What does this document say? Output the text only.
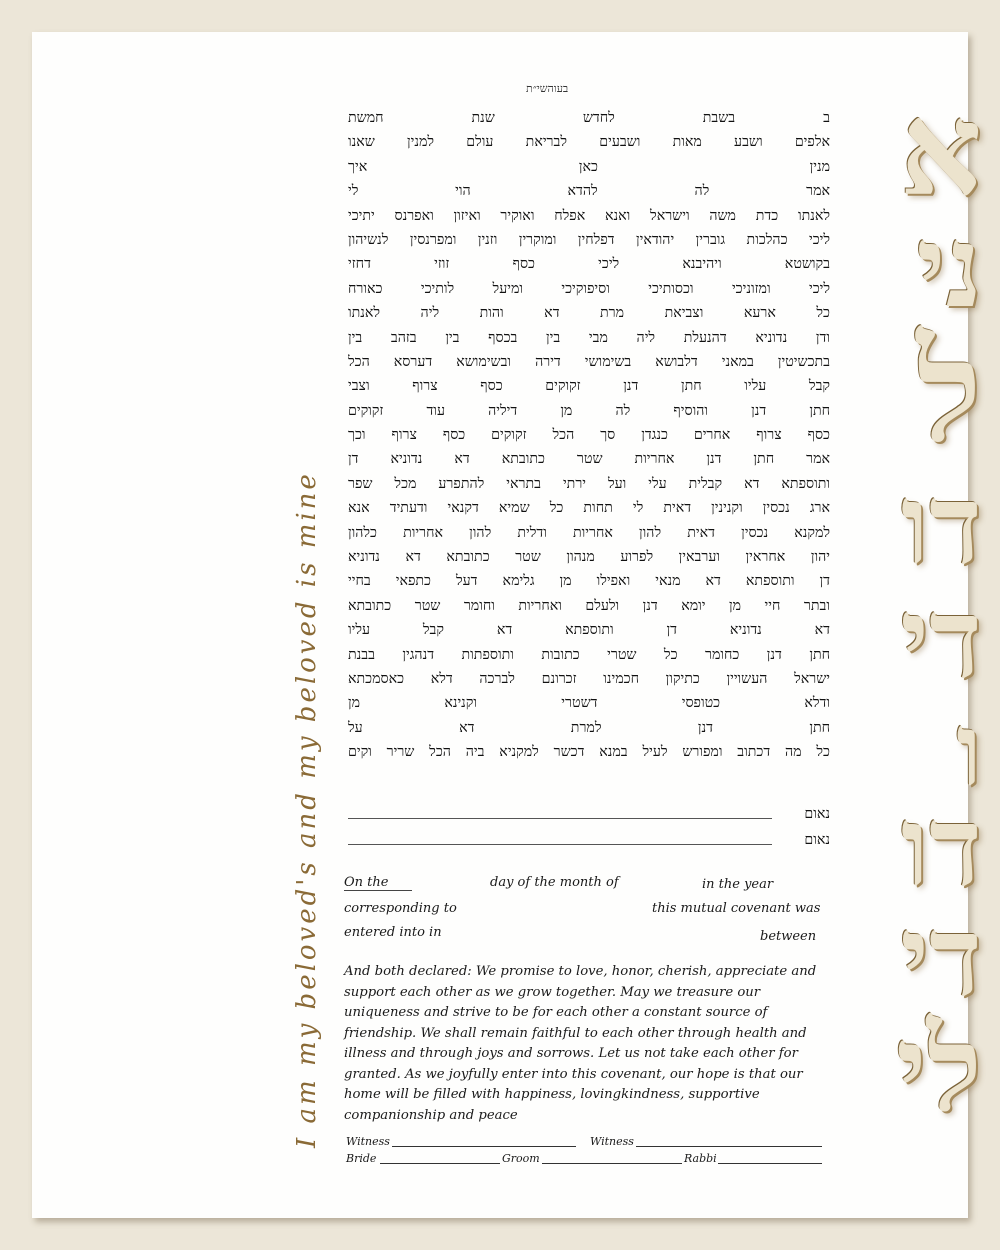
א
ני
ל
דו
די
ו
דו
די
לי
I am my beloved's and my beloved is mine
בעוהשי״ת
ב בשבת לחדש שנת חמשת
אלפים ושבע מאות ושבעים לבריאת עולם למנין שאנו
מנין כאן איך
אמר לה להדא הוי לי
לאנתו כדת משה וישראל ואנא אפלח ואוקיר ואיזון ואפרנס יתיכי
ליכי כהלכות גוברין יהודאין דפלחין ומוקרין וזנין ומפרנסין לנשיהון
בקושטא ויהיבנא ליכי כסף זוזי דחזי
ליכי ומזוניכי וכסותיכי וסיפוקיכי ומיעל לותיכי כאורח
כל ארעא וצביאת מרת דא והות ליה לאנתו
ודן נדוניא דהנעלת ליה מבי בין בכסף בין בזהב בין
בתכשיטין במאני דלבושא בשימושי דירה ובשימושא דערסא הכל
קבל עליו חתן דנן זקוקים כסף צרוף וצבי
חתן דנן והוסיף לה מן דיליה עוד זקוקים
כסף צרוף אחרים כנגדן סך הכל זקוקים כסף צרוף וכך
אמר חתן דנן אחריות שטר כתובתא דא נדוניא דן
ותוספתא דא קבלית עלי ועל ירתי בתראי להתפרע מכל שפר
ארג נכסין וקנינין דאית לי תחות כל שמיא דקנאי ודעתיד אנא
למקנא נכסין דאית להון אחריות ודלית להון אחריות כלהון
יהון אחראין וערבאין לפרוע מנהון שטר כתובתא דא נדוניא
דן ותוספתא דא מנאי ואפילו מן גלימא דעל כתפאי בחיי
ובתר חיי מן יומא דנן ולעלם ואחריות וחומר שטר כתובתא
דא נדוניא דן ותוספתא דא קבל עליו
חתן דנן כחומר כל שטרי כתובות ותוספתות דנהגין בבנת
ישראל העשויין כתיקון חכמינו זכרונם לברכה דלא כאסמכתא
ודלא כטופסי דשטרי וקנינא מן
חתן דנן למרת דא על
כל מה דכתוב ומפורש לעיל במנא דכשר למקניא ביה הכל שריר וקים
נאום
נאום
On the	day of the month of	in the year
corresponding to	this mutual covenant was
entered into in	between
And both declared: We promise to love, honor, cherish, appreciate and support each other as we grow together. May we treasure our uniqueness and strive to be for each other a constant source of friendship. We shall remain faithful to each other through health and illness and through joys and sorrows. Let us not take each other for granted. As we joyfully enter into this covenant, our hope is that our home will be filled with happiness, lovingkindness, supportive companionship and peace
Witness	Witness
Bride	Groom	Rabbi
